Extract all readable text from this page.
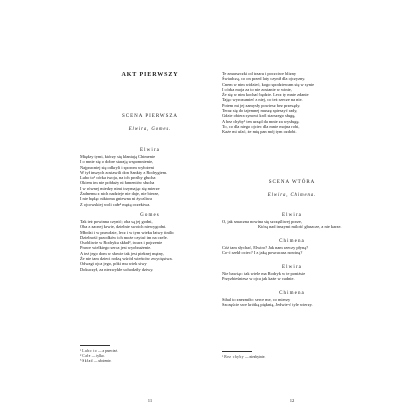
AKT PIERWSZY
SCENA PIERWSZA
Elwira, Gomes.
Elwira
Między tymi, którzy się kłaniają Chimenie
I o mnie się o dobre starają wspomnienie,
Najpracniej się odkryli i sporom wyłożeni
W tył inszych zostawili don Sankty z Rodrygiem.
Lubo to¹ córka twoja, na ich prośby głucha
Okiem im nie pobłaży ni łamentów słucha
I w równej miedzy nimi trzymając się mierze
Żadnemu z nich nadzieje nie daje, nie bierze,
I nie będąc niktoma gniewna ni życzliwa
Z ojcowskiej woli całe² mężą oczekiwa.
Gomes
Tak też powinna czynić; oba są jej godni,
Oba z zacnej krwie, dzielnie swoich niewygodni.
Młodzi i w prawdzie, lecz i w tym wieku łatwy tinilic
Dzielność przodków ich może czytać im na czele.
Osobliwie w Rodryku skład³, twarz i pojrzenie
Prawe wielkiego serca jest wyobrażenie.
A też jego dom w sławie tak jest pieknej mętny,
Że nie tam dzieci rodzą wśród wieńców zwycięstwa.
Odwagi ojca jego, póki mu wiek siwy
Dokuczył, za niezwykłe uchodziły dziwy.
$^1$Lubo to — a przecież.
$^2$Całe — tylko.
$^3$Skład — ułożenie.
11
Te zmarszczki od trzaru i poczciwe blizny
Świadczą, co on przed laty czynił dla ojczyzny.
Cnem w nim widzieć, kogo spodziewam się w synie
I córka moja za to nie zostanie w winie,
Że się w nim kochać będzie. Lecz ty mnie zdanie
Tając wyrozumieć z niej, co też rzecze na nie.
Potem mi jej zamysły powiesz bez przesądy.
Teraz się do tajemnej muszę spieszyć rady,
Gdzie obiera synowi król starszego sługę,
A bez chyby¹ ten urząd da mnie za wysługę.
To, co dla niego ojciec dla mnie mojna robi,
Każe mi ufać, że mię pan mój tym ozdobi.
SCENA WTÓRA
Elwira, Chimena.
Elwira
O, jak smacznа nowinа się szczęśliwej porze,
Którą nad inszymi milość głaszcze, a nie karze.
Chimena
Cóż tam słychać, Elwiro? Jak nam rzeczy płyną?
Co-ć rzekł ociec? I z jaką powracasz nowiną?
Elwira
Nie bawiąc: tak wiele ma Rodryk w te poniżsie
Przyzbieśniesz w ojca jak każe w cudnie.
Chimena
Sthal to znezmiło: serce me, co mierzy
Szczęście swe krótką pięknią, Jedwie-ć tyle wierzy.
$^1$Bez chyby — niezbyinie.
12
